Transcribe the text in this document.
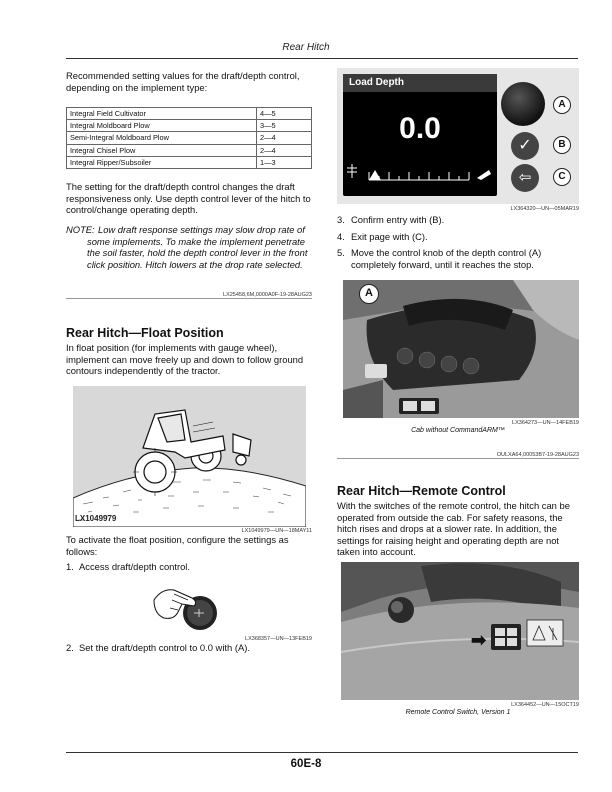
Rear Hitch
Recommended setting values for the draft/depth control, depending on the implement type:
Integral Field Cultivator	4—5
Integral Moldboard Plow	3—5
Semi-Integral Moldboard Plow	2—4
Integral Chisel Plow	2—4
Integral Ripper/Subsoiler	1—3
The setting for the draft/depth control changes the draft responsiveness only. Use depth control lever of the hitch to control/change operating depth.
NOTE: Low draft response settings may slow drop rate of some implements. To make the implement penetrate the soil faster, hold the depth control lever in the front click position. Hitch lowers at the drop rate selected.
LX25458,6M,0000A0F-19-28AUG23
Rear Hitch—Float Position
In float position (for implements with gauge wheel), implement can move freely up and down to follow ground contours independently of the tractor.
LX1049979
LX1049979—UN—18MAY11
To activate the float position, configure the settings as follows:
1. Access draft/depth control.
LX368357—UN—13FEB19
2. Set the draft/depth control to 0.0 with (A).
Load Depth
0.0
✓
⇦
A
B
C
LX364320—UN—05MAR19
3. Confirm entry with (B).
4. Exit page with (C).
5. Move the control knob of the depth control (A) completely forward, until it reaches the stop.
A
LX364273—UN—14FEB19
Cab without CommandARM™
OULXA64,00053B7-19-28AUG23
Rear Hitch—Remote Control
With the switches of the remote control, the hitch can be operated from outside the cab. For safety reasons, the hitch rises and drops at a slower rate. In addition, the settings for raising height and operating depth are not taken into account.
➡
LX364452—UN—15OCT19
Remote Control Switch, Version 1
60E-8
